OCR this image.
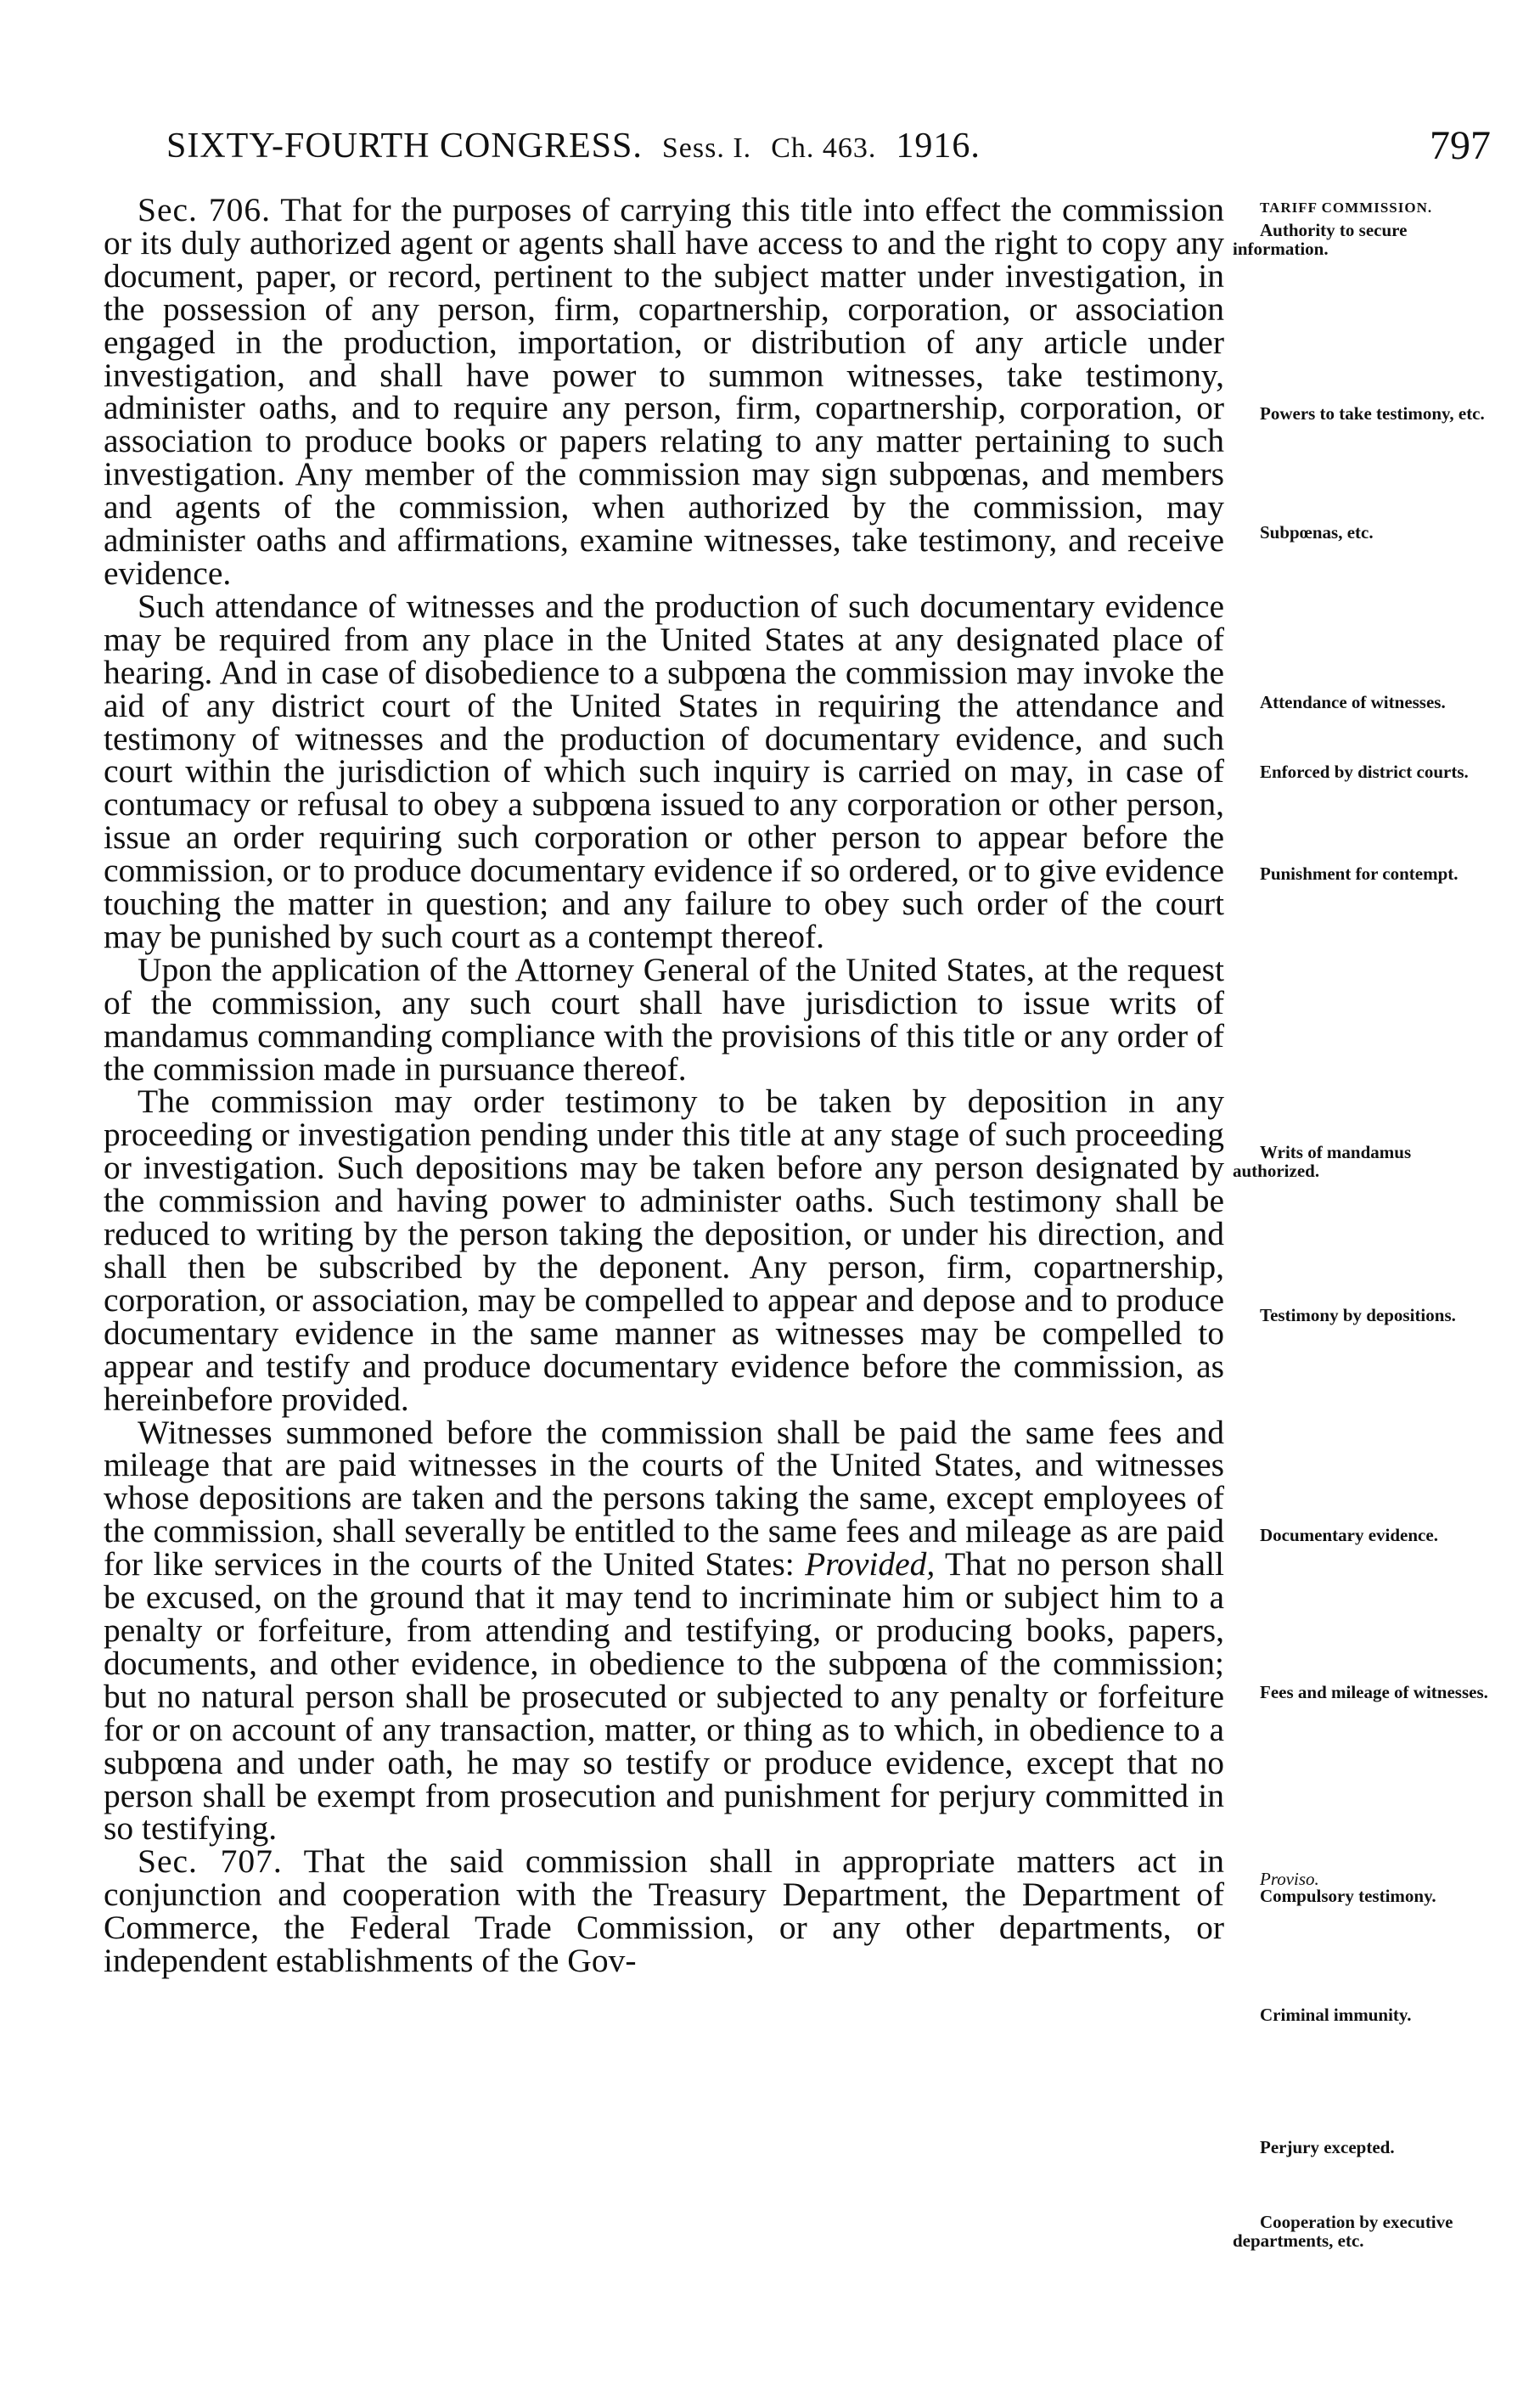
SIXTY-FOURTH CONGRESS. Sess. I. Ch. 463. 1916.	797

Sec. 706. That for the purposes of carrying this title into effect the commission or its duly authorized agent or agents shall have access to and the right to copy any document, paper, or record, pertinent to the subject matter under investigation, in the possession of any person, firm, copartnership, corporation, or association engaged in the production, importation, or distribution of any article under investigation, and shall have power to summon witnesses, take testimony, administer oaths, and to require any person, firm, copartnership, corporation, or association to produce books or papers relating to any matter pertaining to such investigation. Any member of the commission may sign subpœnas, and members and agents of the commission, when authorized by the commission, may administer oaths and affirmations, examine witnesses, take testimony, and receive evidence.

Such attendance of witnesses and the production of such documentary evidence may be required from any place in the United States at any designated place of hearing. And in case of disobedience to a subpœna the commission may invoke the aid of any district court of the United States in requiring the attendance and testimony of witnesses and the production of documentary evidence, and such court within the jurisdiction of which such inquiry is carried on may, in case of contumacy or refusal to obey a subpœna issued to any corporation or other person, issue an order requiring such corporation or other person to appear before the commission, or to produce documentary evidence if so ordered, or to give evidence touching the matter in question; and any failure to obey such order of the court may be punished by such court as a contempt thereof.

Upon the application of the Attorney General of the United States, at the request of the commission, any such court shall have jurisdiction to issue writs of mandamus commanding compliance with the provisions of this title or any order of the commission made in pursuance thereof.

The commission may order testimony to be taken by deposition in any proceeding or investigation pending under this title at any stage of such proceeding or investigation. Such depositions may be taken before any person designated by the commission and having power to administer oaths. Such testimony shall be reduced to writing by the person taking the deposition, or under his direction, and shall then be subscribed by the deponent. Any person, firm, copartnership, corporation, or association, may be compelled to appear and depose and to produce documentary evidence in the same manner as witnesses may be compelled to appear and testify and produce documentary evidence before the commission, as hereinbefore provided.

Witnesses summoned before the commission shall be paid the same fees and mileage that are paid witnesses in the courts of the United States, and witnesses whose depositions are taken and the persons taking the same, except employees of the commission, shall severally be entitled to the same fees and mileage as are paid for like services in the courts of the United States: Provided, That no person shall be excused, on the ground that it may tend to incriminate him or subject him to a penalty or forfeiture, from attending and testifying, or producing books, papers, documents, and other evidence, in obedience to the subpœna of the commission; but no natural person shall be prosecuted or subjected to any penalty or forfeiture for or on account of any transaction, matter, or thing as to which, in obedience to a subpœna and under oath, he may so testify or produce evidence, except that no person shall be exempt from prosecution and punishment for perjury committed in so testifying.

Sec. 707. That the said commission shall in appropriate matters act in conjunction and cooperation with the Treasury Department, the Department of Commerce, the Federal Trade Commission, or any other departments, or independent establishments of the Gov-

TARIFF COMMISSION.
Authority to secure information.
Powers to take testimony, etc.
Subpœnas, etc.
Attendance of witnesses.
Enforced by district courts.
Punishment for contempt.
Writs of mandamus authorized.
Testimony by depositions.
Documentary evidence.
Fees and mileage of witnesses.
Proviso.
Compulsory testimony.
Criminal immunity.
Perjury excepted.
Cooperation by executive departments, etc.
